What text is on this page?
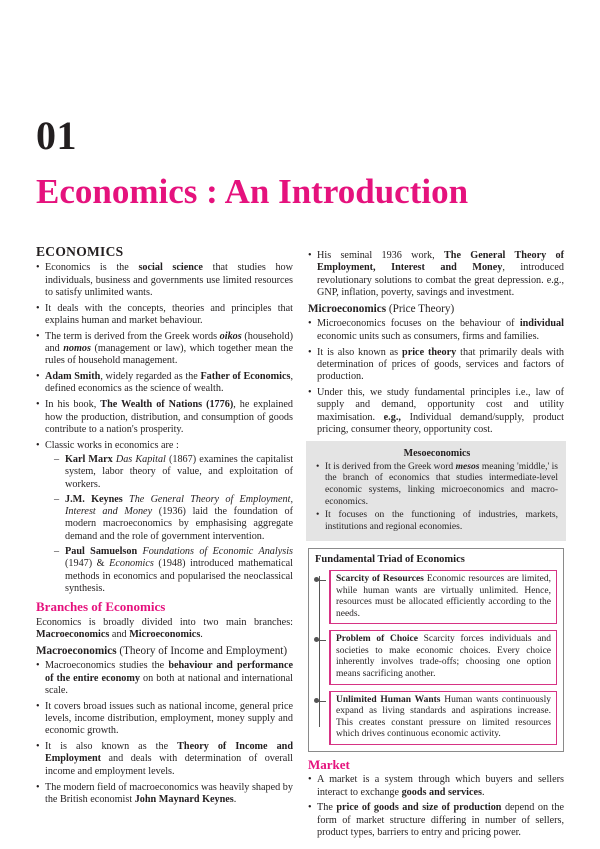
01
Economics : An Introduction
ECONOMICS
• Economics is the social science that studies how individuals, business and governments use limited resources to satisfy unlimited wants.
• It deals with the concepts, theories and principles that explains human and market behaviour.
• The term is derived from the Greek words oikos (household) and nomos (management or law), which together mean the rules of household management.
• Adam Smith, widely regarded as the Father of Economics, defined economics as the science of wealth.
• In his book, The Wealth of Nations (1776), he explained how the production, distribution, and consumption of goods contribute to a nation's prosperity.
• Classic works in economics are :
– Karl Marx Das Kapital (1867) examines the capitalist system, labor theory of value, and exploitation of workers.
– J.M. Keynes The General Theory of Employment, Interest and Money (1936) laid the foundation of modern macroeconomics by emphasising aggregate demand and the role of government intervention.
– Paul Samuelson Foundations of Economic Analysis (1947) & Economics (1948) introduced mathematical methods in economics and popularised the neoclassical synthesis.
Branches of Economics

Economics is broadly divided into two main branches: Macroeconomics and Microeconomics.

Macroeconomics (Theory of Income and Employment)
• Macroeconomics studies the behaviour and performance of the entire economy on both at national and international scale.
• It covers broad issues such as national income, general price levels, income distribution, employment, money supply and economic growth.
• It is also known as the Theory of Income and Employment and deals with determination of overall income and employment levels.
• The modern field of macroeconomics was heavily shaped by the British economist John Maynard Keynes.
• His seminal 1936 work, The General Theory of Employment, Interest and Money, introduced revolutionary solutions to combat the great depression. e.g., GNP, inflation, poverty, savings and investment.
Microeconomics (Price Theory)
• Microeconomics focuses on the behaviour of individual economic units such as consumers, firms and families.
• It is also known as price theory that primarily deals with determination of prices of goods, services and factors of production.
• Under this, we study fundamental principles i.e., law of supply and demand, opportunity cost and utility maximisation. e.g., Individual demand/supply, product pricing, consumer theory, opportunity cost.
Mesoeconomics
• It is derived from the Greek word mesos meaning 'middle,' is the branch of economics that studies intermediate-level economic systems, linking microeconomics and macro-economics.
• It focuses on the functioning of industries, markets, institutions and regional economies.
Fundamental Triad of Economics
Scarcity of Resources Economic resources are limited, while human wants are virtually unlimited. Hence, resources must be allocated efficiently according to the needs.
Problem of Choice Scarcity forces individuals and societies to make economic choices. Every choice inherently involves trade-offs; choosing one option means sacrificing another.
Unlimited Human Wants Human wants continuously expand as living standards and aspirations increase. This creates constant pressure on limited resources which drives continuous economic activity.
Market
• A market is a system through which buyers and sellers interact to exchange goods and services.
• The price of goods and size of production depend on the form of market structure differing in number of sellers, product types, barriers to entry and pricing power.
